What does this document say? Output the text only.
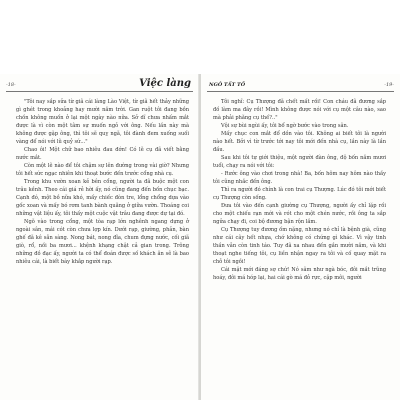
-18-	Việc làng

"Tôi nay sắp sửa từ giã cái làng Lào Việt, từ giã hết thảy những gì ghét trong khoảng hay mười năm trời. Gan ruột tôi đang bồn chồn không muốn ở lại một ngày nào nữa. Sở dĩ chưa nhấm mắt được là vì còn một tâm sự muốn ngỏ với ông. Nếu lần này mà không được gặp ông, thì tôi sẽ quỵ ngã, tôi đành đem xuống suối vàng để nói với lũ quỷ sứ..."

Chao ôi! Một chữ bao nhiêu đau đớn! Có lẽ cụ đã viết bằng nước mắt.

Còn một lẽ nào để tôi chậm sự lên đường trong vài giờ? Nhưng tôi hết sức ngạc nhiên khi thoạt bước đến trước cổng nhà cụ.

Trong khu vườn xoan kẻ bên cổng, người ta đã buộc một con trâu kềnh. Theo cái giá rẻ hời ấy, nó cũng đang đến bốn chục bạc. Cạnh đó, một bồ nữa khó, mấy chiếc đòn tre, lổng chổng dựa vào gốc xoan và mấy bó rơm tanh bành quăng ở giữa vườn. Thoáng coi những vật liệu ấy, tôi thấy một cuộc vật trâu đang được dự tại đó.

Ngõ vào trong cổng, một tòa rạp lớn nghênh ngang dựng ở ngoài sân, mái cót còn chưa lợp kín. Dưới rạp, giường, phản, bàn ghế đã kê sẵn sàng. Nong bát, nong đĩa, chum đựng nước, cối giã giò, rổ, nồi ba mươi... khệnh khạng chật cả gian trong. Trông những đồ đạc ấy, người ta có thể đoán được số khách ăn sẽ là bao nhiêu cái, là biết bày khắp người rạp.

NGÔ TẤT TỐ	-19-

Tôi nghĩ: Cụ Thượng đã chết mất rồi! Con cháu đã đương sắp đồ làm ma đây rồi! Mình không được nói với cụ một câu nào, sao mà phải phăng cụ thế?.."

Vội sự bùi ngùi ấy, tôi bổ ngờ bước vào trong sân.

Mấy chục con mắt đổ dồn vào tôi. Không ai biết tôi là người nào hết. Bởi vì từ trước tới nay tôi mới đến nhà cụ, lần này là lần đầu.

Sau khi tôi tự giới thiệu, một người đàn ông, độ bốn năm mươi tuổi, chạy ra nói với tôi:

- Rước ông vào chơi trong nhà! Ba, bốn hôm nay hôm nào thầy tôi cũng nhắc đến ông.

Thì ra người đó chính là con trai cụ Thượng. Lúc đó tôi mới biết cụ Thượng còn sống.

Đưa tôi vào đến cạnh giường cụ Thượng, người ấy chỉ lặp rồi cho một chiếu rạn mới và rót cho một chén nước, rồi ông ta sắp ngửa chạy đi, coi bộ đương bận rộn lắm.

Cụ Thượng tuy đương ốm nặng, nhưng nó chỉ là bệnh già, cũng như cái cây hết nhựa, chớ không có chứng gì khác. Vì vậy tinh thần vẫn còn tinh táo. Tuy đã xa nhau đến gần mười năm, và khi thoạt nghe tiếng tôi, cụ liền nhận ngay ra tôi và cố quay mặt ra chỗ tôi ngồi!

Cái mặt mới đáng sợ chứ! Nó sâm như ngà bóc, đôi mắt trũng hoáy, đôi má hóp lại, hai cái gò má đỏ rực, cặp môi, người
